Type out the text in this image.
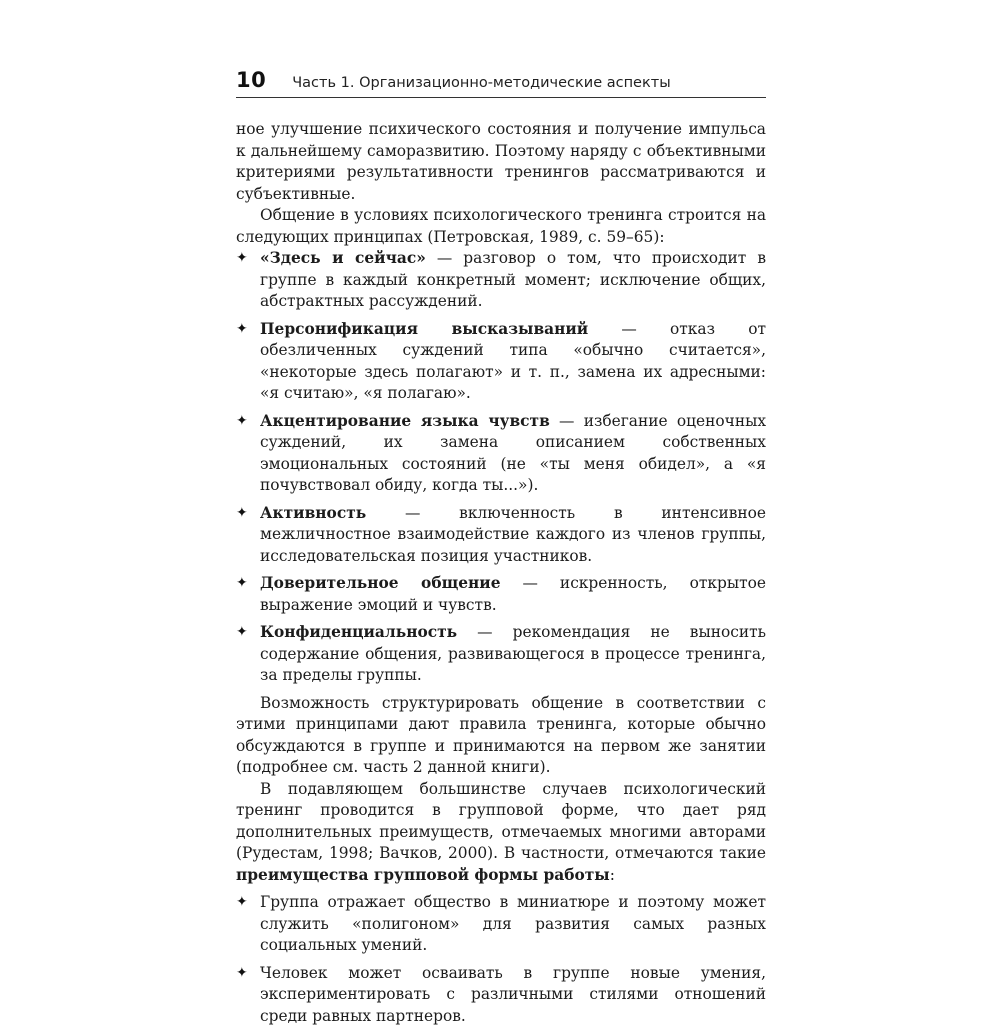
10 Часть 1. Организационно-методические аспекты

ное улучшение психического состояния и получение импульса к дальнейшему саморазвитию. Поэтому наряду с объективными критериями результативности тренингов рассматриваются и субъективные.

Общение в условиях психологического тренинга строится на следующих принципах (Петровская, 1989, с. 59–65):

✦ «Здесь и сейчас» — разговор о том, что происходит в группе в каждый конкретный момент; исключение общих, абстрактных рассуждений.
✦ Персонификация высказываний — отказ от обезличенных суждений типа «обычно считается», «некоторые здесь полагают» и т. п., замена их адресными: «я считаю», «я полагаю».
✦ Акцентирование языка чувств — избегание оценочных суждений, их замена описанием собственных эмоциональных состояний (не «ты меня обидел», а «я почувствовал обиду, когда ты...»).
✦ Активность — включенность в интенсивное межличностное взаимодействие каждого из членов группы, исследовательская позиция участников.
✦ Доверительное общение — искренность, открытое выражение эмоций и чувств.
✦ Конфиденциальность — рекомендация не выносить содержание общения, развивающегося в процессе тренинга, за пределы группы.

Возможность структурировать общение в соответствии с этими принципами дают правила тренинга, которые обычно обсуждаются в группе и принимаются на первом же занятии (подробнее см. часть 2 данной книги).

В подавляющем большинстве случаев психологический тренинг проводится в групповой форме, что дает ряд дополнительных преимуществ, отмечаемых многими авторами (Рудестам, 1998; Вачков, 2000). В частности, отмечаются такие преимущества групповой формы работы:

✦ Группа отражает общество в миниатюре и поэтому может служить «полигоном» для развития самых разных социальных умений.
✦ Человек может осваивать в группе новые умения, экспериментировать с различными стилями отношений среди равных партнеров.
